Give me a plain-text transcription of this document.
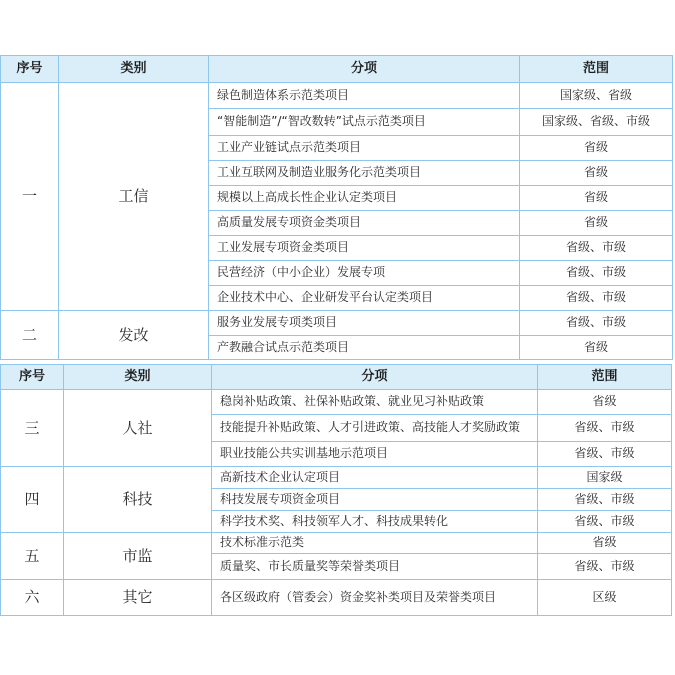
序号	类别	分项	范围
一	工信	绿色制造体系示范类项目	国家级、省级
		“智能制造”/“智改数转”试点示范类项目	国家级、省级、市级
		工业产业链试点示范类项目	省级
		工业互联网及制造业服务化示范类项目	省级
		规模以上高成长性企业认定类项目	省级
		高质量发展专项资金类项目	省级
		工业发展专项资金类项目	省级、市级
		民营经济（中小企业）发展专项	省级、市级
		企业技术中心、企业研发平台认定类项目	省级、市级
二	发改	服务业发展专项类项目	省级、市级
		产教融合试点示范类项目	省级
序号	类别	分项	范围
三	人社	稳岗补贴政策、社保补贴政策、就业见习补贴政策	省级
		技能提升补贴政策、人才引进政策、高技能人才奖励政策	省级、市级
		职业技能公共实训基地示范项目	省级、市级
四	科技	高新技术企业认定项目	国家级
		科技发展专项资金项目	省级、市级
		科学技术奖、科技领军人才、科技成果转化	省级、市级
五	市监	技术标准示范类	省级
		质量奖、市长质量奖等荣誉类项目	省级、市级
六	其它	各区级政府（管委会）资金奖补类项目及荣誉类项目	区级
